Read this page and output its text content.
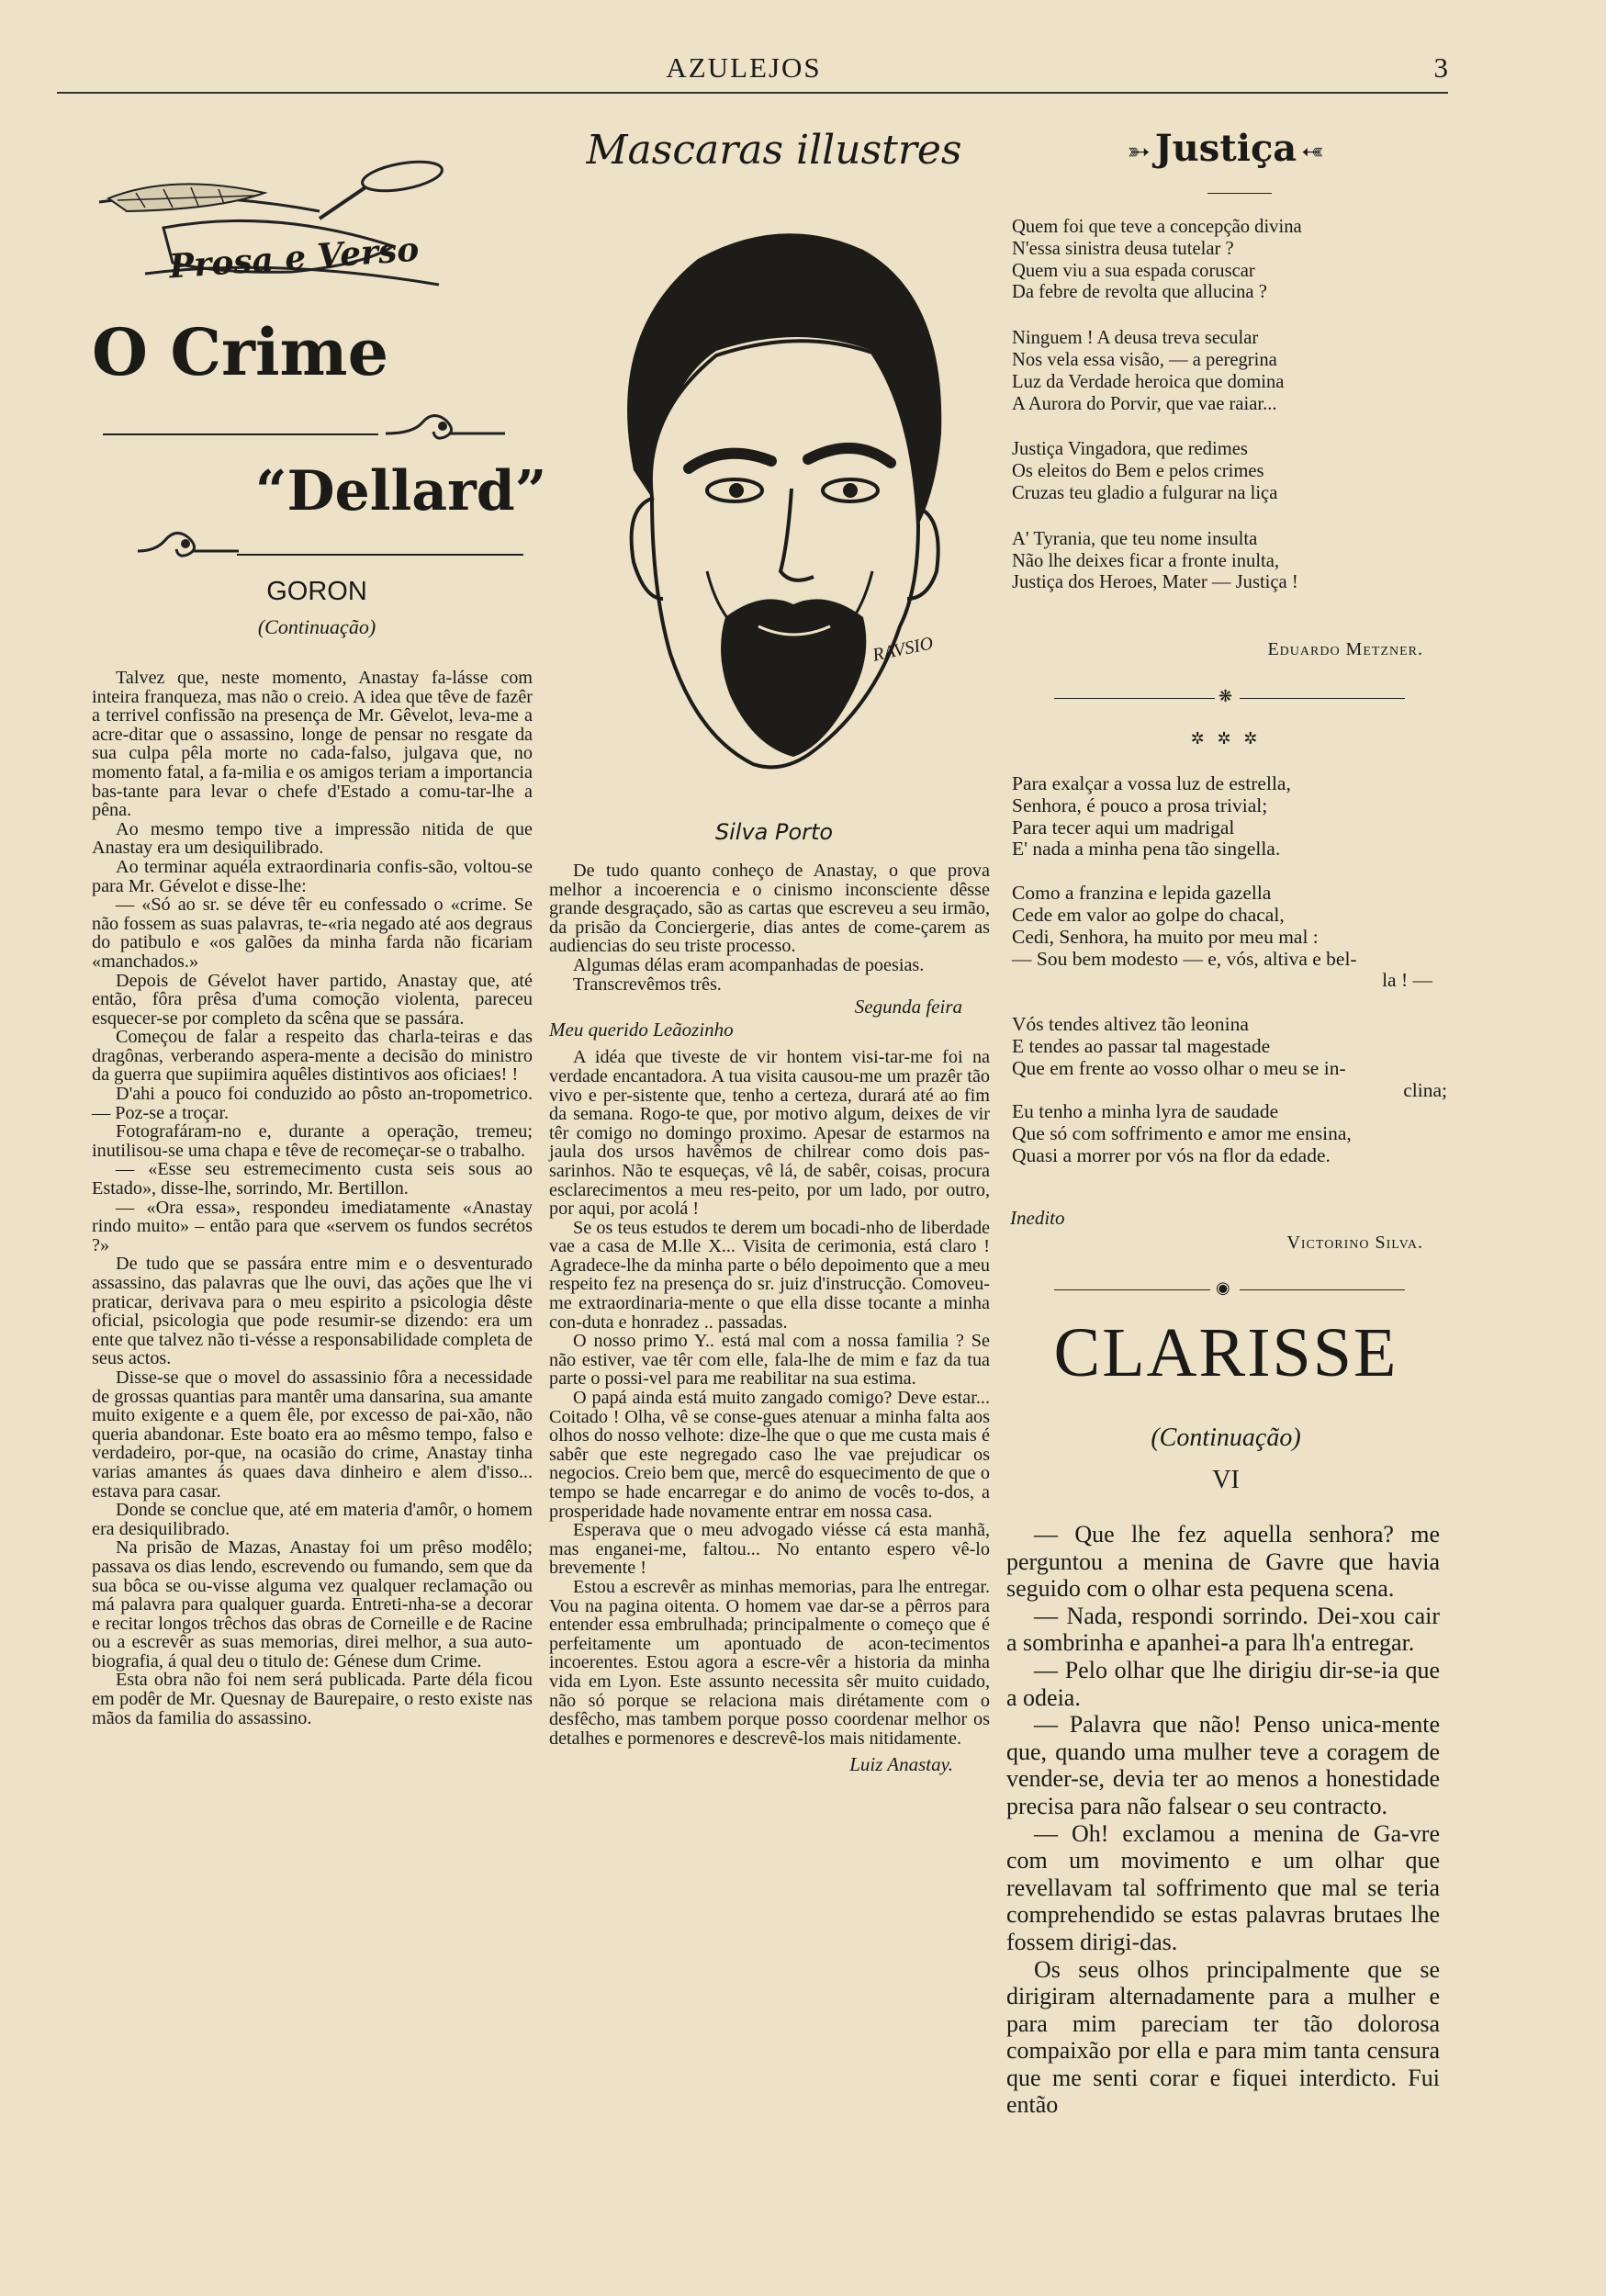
AZULEJOS	3
Prosa e Verso
O Crime
“Dellard”
GORON
(Continuação)

Talvez que, neste momento, Anastay fa-lásse com inteira franqueza, mas não o creio. A idea que têve de fazêr a terrivel confissão na presença de Mr. Gêvelot, leva-me a acre-ditar que o assassino, longe de pensar no resgate da sua culpa pêla morte no cada-falso, julgava que, no momento fatal, a fa-milia e os amigos teriam a importancia bas-tante para levar o chefe d'Estado a comu-tar-lhe a pêna.

Ao mesmo tempo tive a impressão nitida de que Anastay era um desiquilibrado.

Ao terminar aquéla extraordinaria confis-são, voltou-se para Mr. Gévelot e disse-lhe:

— «Só ao sr. se déve têr eu confessado o «crime. Se não fossem as suas palavras, te-«ria negado até aos degraus do patibulo e «os galões da minha farda não ficariam «manchados.»

Depois de Gévelot haver partido, Anastay que, até então, fôra prêsa d'uma comoção violenta, pareceu esquecer-se por completo da scêna que se passára.

Começou de falar a respeito das charla-teiras e das dragônas, verberando aspera-mente a decisão do ministro da guerra que supiimira aquêles distintivos aos oficiaes! !

D'ahi a pouco foi conduzido ao pôsto an-tropometrico. — Poz-se a troçar.

Fotografáram-no e, durante a operação, tremeu; inutilisou-se uma chapa e têve de recomeçar-se o trabalho.

— «Esse seu estremecimento custa seis sous ao Estado», disse-lhe, sorrindo, Mr. Bertillon.

— «Ora essa», respondeu imediatamente «Anastay rindo muito» – então para que «servem os fundos secrétos ?»

De tudo que se passára entre mim e o desventurado assassino, das palavras que lhe ouvi, das ações que lhe vi praticar, derivava para o meu espirito a psicologia dêste oficial, psicologia que pode resumir-se dizendo: era um ente que talvez não ti-vésse a responsabilidade completa de seus actos.

Disse-se que o movel do assassinio fôra a necessidade de grossas quantias para mantêr uma dansarina, sua amante muito exigente e a quem êle, por excesso de pai-xão, não queria abandonar. Este boato era ao mêsmo tempo, falso e verdadeiro, por-que, na ocasião do crime, Anastay tinha varias amantes ás quaes dava dinheiro e alem d'isso... estava para casar.

Donde se conclue que, até em materia d'amôr, o homem era desiquilibrado.

Na prisão de Mazas, Anastay foi um prêso modêlo; passava os dias lendo, escrevendo ou fumando, sem que da sua bôca se ou-visse alguma vez qualquer reclamação ou má palavra para qualquer guarda. Entreti-nha-se a decorar e recitar longos trêchos das obras de Corneille e de Racine ou a escrevêr as suas memorias, direi melhor, a sua auto-biografia, á qual deu o titulo de: Génese dum Crime.

Esta obra não foi nem será publicada. Parte déla ficou em podêr de Mr. Quesnay de Baurepaire, o resto existe nas mãos da familia do assassino.

Mascaras illustres
RAVSIO
Silva Porto

De tudo quanto conheço de Anastay, o que prova melhor a incoerencia e o cinismo inconsciente dêsse grande desgraçado, são as cartas que escreveu a seu irmão, da prisão da Conciergerie, dias antes de come-çarem as audiencias do seu triste processo.

Algumas délas eram acompanhadas de poesias.

Transcrevêmos três.

Segunda feira

Meu querido Leãozinho

A idéa que tiveste de vir hontem visi-tar-me foi na verdade encantadora. A tua visita causou-me um prazêr tão vivo e per-sistente que, tenho a certeza, durará até ao fim da semana. Rogo-te que, por motivo algum, deixes de vir têr comigo no domingo proximo. Apesar de estarmos na jaula dos ursos havêmos de chilrear como dois pas-sarinhos. Não te esqueças, vê lá, de sabêr, coisas, procura esclarecimentos a meu res-peito, por um lado, por outro, por aqui, por acolá !

Se os teus estudos te derem um bocadi-nho de liberdade vae a casa de M.lle X... Visita de cerimonia, está claro ! Agradece-lhe da minha parte o bélo depoimento que a meu respeito fez na presença do sr. juiz d'instrucção. Comoveu-me extraordinaria-mente o que ella disse tocante a minha con-duta e honradez .. passadas.

O nosso primo Y.. está mal com a nossa familia ? Se não estiver, vae têr com elle, fala-lhe de mim e faz da tua parte o possi-vel para me reabilitar na sua estima.

O papá ainda está muito zangado comigo? Deve estar... Coitado ! Olha, vê se conse-gues atenuar a minha falta aos olhos do nosso velhote: dize-lhe que o que me custa mais é sabêr que este negregado caso lhe vae prejudicar os negocios. Creio bem que, mercê do esquecimento de que o tempo se hade encarregar e do animo de vocês to-dos, a prosperidade hade novamente entrar em nossa casa.

Esperava que o meu advogado viésse cá esta manhã, mas enganei-me, faltou... No entanto espero vê-lo brevemente !

Estou a escrevêr as minhas memorias, para lhe entregar. Vou na pagina oitenta. O homem vae dar-se a pêrros para entender essa embrulhada; principalmente o começo que é perfeitamente um apontuado de acon-tecimentos incoerentes. Estou agora a escre-vêr a historia da minha vida em Lyon. Este assunto necessita sêr muito cuidado, não só porque se relaciona mais dirétamente com o desfêcho, mas tambem porque posso coordenar melhor os detalhes e pormenores e descrevê-los mais nitidamente.

Luiz Anastay.

➳ Justiça ➳
Quem foi que teve a concepção divina
N'essa sinistra deusa tutelar ?
Quem viu a sua espada coruscar
Da febre de revolta que allucina ?
Ninguem ! A deusa treva secular
Nos vela essa visão, — a peregrina
Luz da Verdade heroica que domina
A Aurora do Porvir, que vae raiar...
Justiça Vingadora, que redimes
Os eleitos do Bem e pelos crimes
Cruzas teu gladio a fulgurar na liça
A' Tyrania, que teu nome insulta
Não lhe deixes ficar a fronte inulta,
Justiça dos Heroes, Mater — Justiça !
Eduardo Metzner.
❋
✲ ✲ ✲
Para exalçar a vossa luz de estrella,
Senhora, é pouco a prosa trivial;
Para tecer aqui um madrigal
E' nada a minha pena tão singella.
Como a franzina e lepida gazella
Cede em valor ao golpe do chacal,
Cedi, Senhora, ha muito por meu mal :
— Sou bem modesto — e, vós, altiva e bel-
la ! —
Vós tendes altivez tão leonina
E tendes ao passar tal magestade
Que em frente ao vosso olhar o meu se in-
clina;
Eu tenho a minha lyra de saudade
Que só com soffrimento e amor me ensina,
Quasi a morrer por vós na flor da edade.
Inedito
Victorino Silva.
◉
CLARISSE
(Continuação)
VI

— Que lhe fez aquella senhora? me perguntou a menina de Gavre que havia seguido com o olhar esta pequena scena.

— Nada, respondi sorrindo. Dei-xou cair a sombrinha e apanhei-a para lh'a entregar.

— Pelo olhar que lhe dirigiu dir-se-ia que a odeia.

— Palavra que não! Penso unica-mente que, quando uma mulher teve a coragem de vender-se, devia ter ao menos a honestidade precisa para não falsear o seu contracto.

— Oh! exclamou a menina de Ga-vre com um movimento e um olhar que revellavam tal soffrimento que mal se teria comprehendido se estas palavras brutaes lhe fossem dirigi-das.

Os seus olhos principalmente que se dirigiram alternadamente para a mulher e para mim pareciam ter tão dolorosa compaixão por ella e para mim tanta censura que me senti corar e fiquei interdicto. Fui então
